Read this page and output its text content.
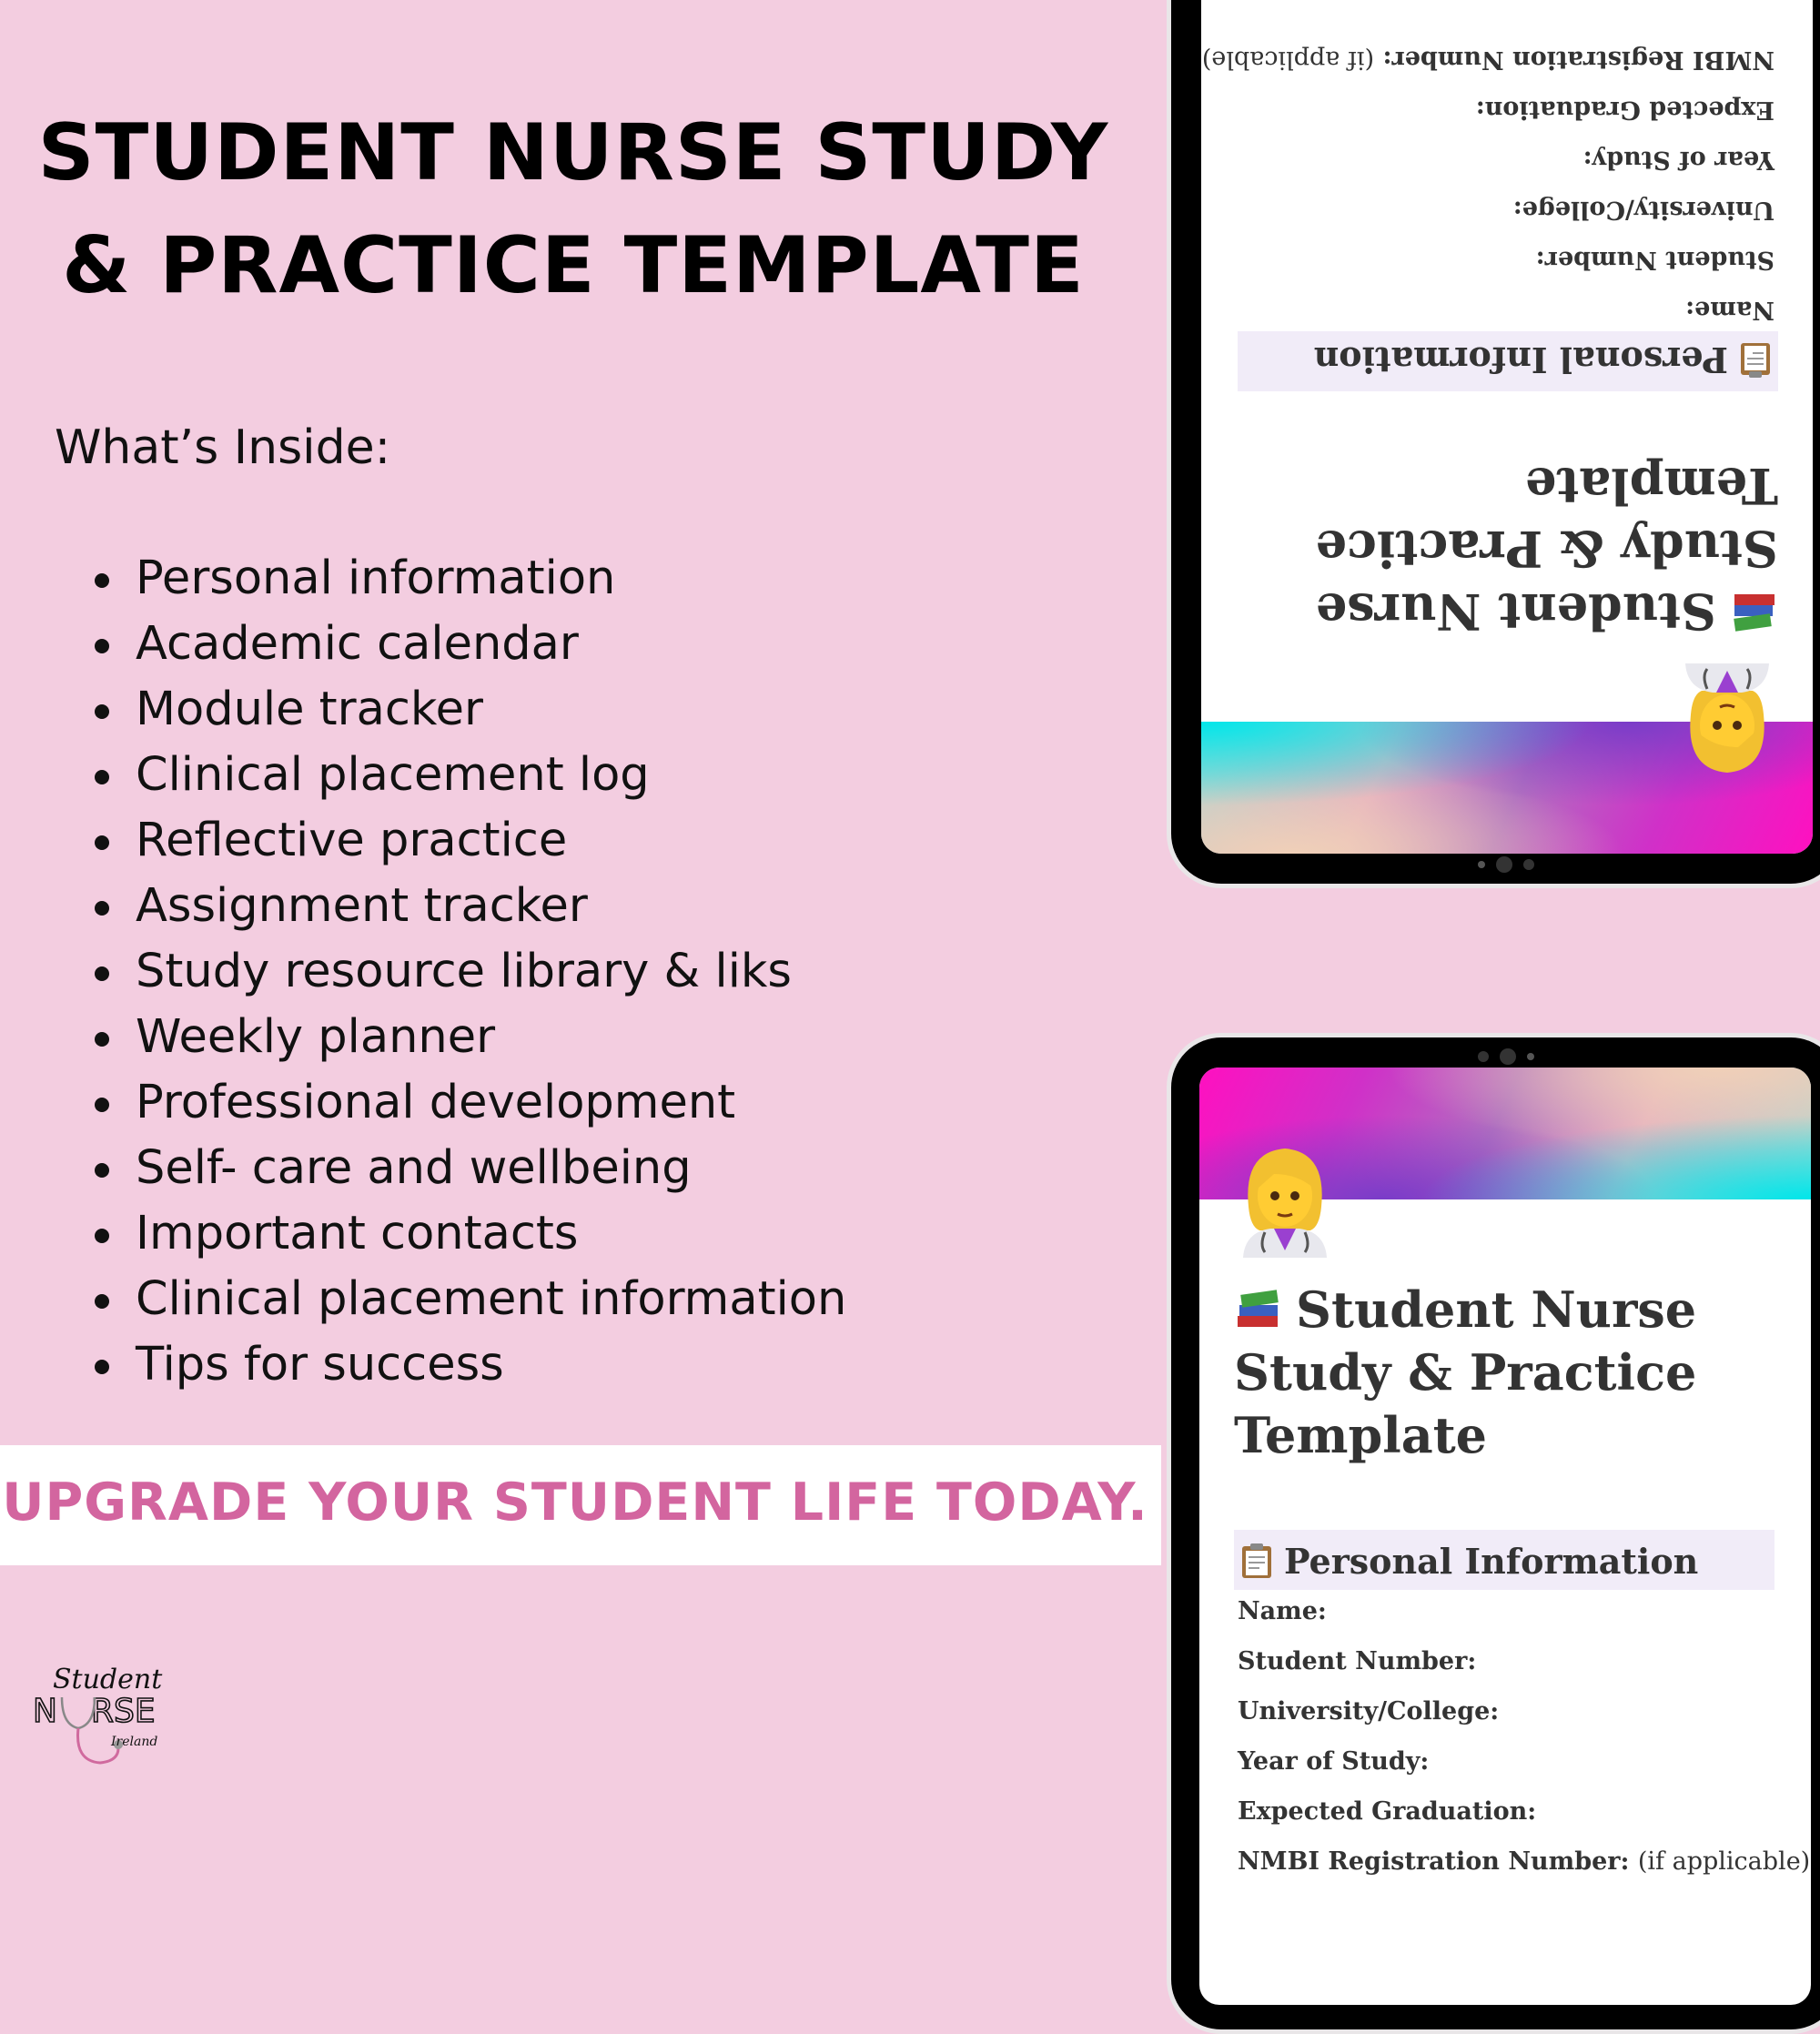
STUDENT NURSE STUDY
& PRACTICE TEMPLATE
What’s Inside:
Personal information
Academic calendar
Module tracker
Clinical placement log
Reflective practice
Assignment tracker
Study resource library & liks
Weekly planner
Professional development
Self- care and wellbeing
Important contacts
Clinical placement information
Tips for success
UPGRADE YOUR STUDENT LIFE TODAY.
Student
N RSE
Ireland
Student Nurse
Study & Practice
Template
Personal Information
Name:
Student Number:
University/College:
Year of Study:
Expected Graduation:
NMBI Registration Number: (if applicable)
Student Nurse
Study & Practice
Template
Personal Information
Name:
Student Number:
University/College:
Year of Study:
Expected Graduation:
NMBI Registration Number: (if applicable)
